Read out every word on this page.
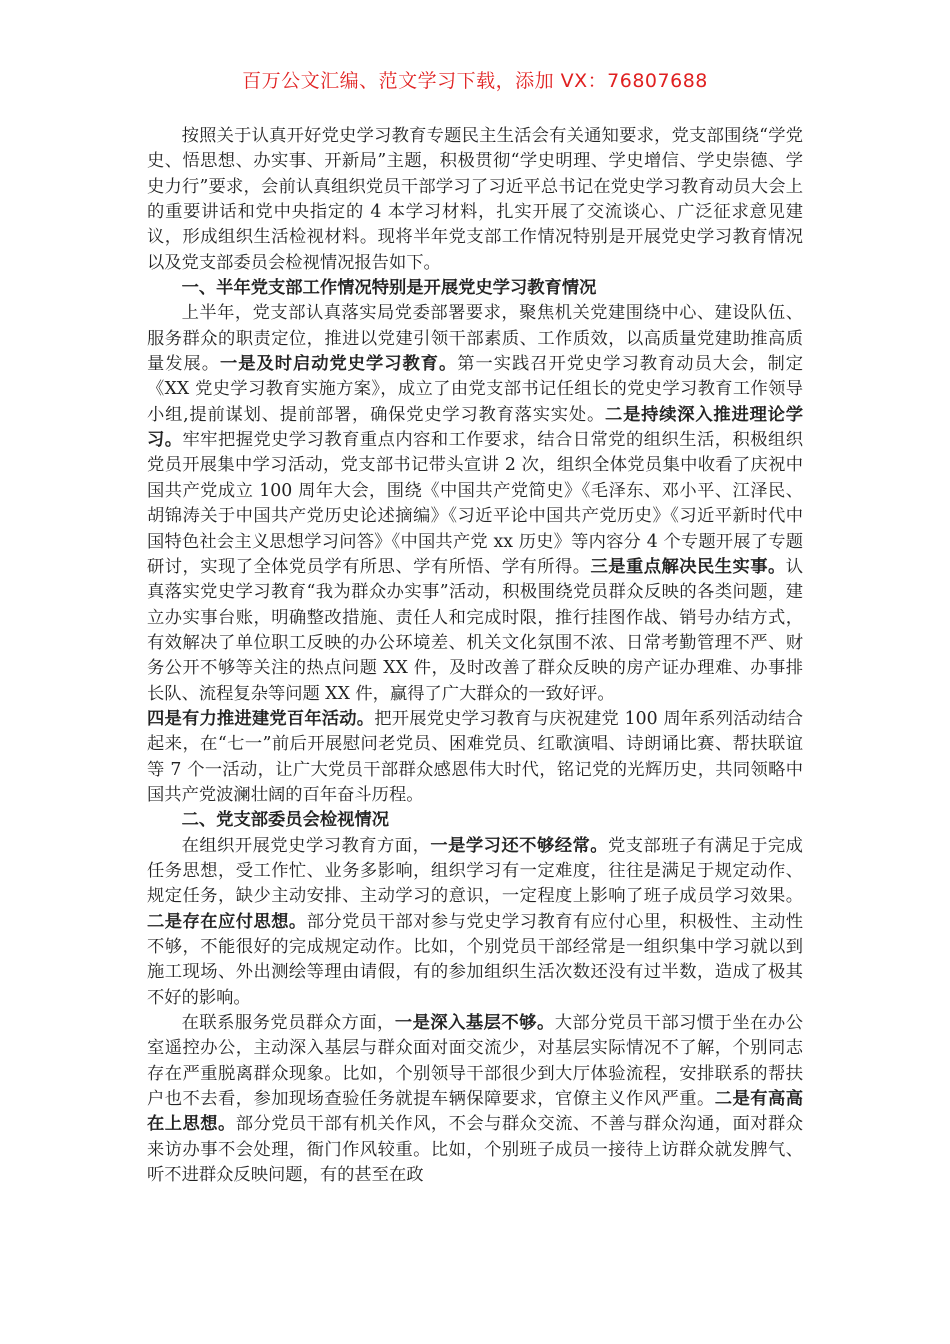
百万公文汇编、范文学习下载，添加 VX：76807688

按照关于认真开好党史学习教育专题民主生活会有关通知要求，党支部围绕“学党史、悟思想、办实事、开新局”主题，积极贯彻“学史明理、学史增信、学史崇德、学史力行”要求，会前认真组织党员干部学习了习近平总书记在党史学习教育动员大会上的重要讲话和党中央指定的 4 本学习材料，扎实开展了交流谈心、广泛征求意见建议，形成组织生活检视材料。现将半年党支部工作情况特别是开展党史学习教育情况以及党支部委员会检视情况报告如下。

一、半年党支部工作情况特别是开展党史学习教育情况

上半年，党支部认真落实局党委部署要求，聚焦机关党建围绕中心、建设队伍、服务群众的职责定位，推进以党建引领干部素质、工作质效，以高质量党建助推高质量发展。一是及时启动党史学习教育。第一实践召开党史学习教育动员大会，制定《XX 党史学习教育实施方案》，成立了由党支部书记任组长的党史学习教育工作领导小组,提前谋划、提前部署，确保党史学习教育落实实处。二是持续深入推进理论学习。牢牢把握党史学习教育重点内容和工作要求，结合日常党的组织生活，积极组织党员开展集中学习活动，党支部书记带头宣讲 2 次，组织全体党员集中收看了庆祝中国共产党成立 100 周年大会，围绕《中国共产党简史》《毛泽东、邓小平、江泽民、胡锦涛关于中国共产党历史论述摘编》《习近平论中国共产党历史》《习近平新时代中国特色社会主义思想学习问答》《中国共产党 xx 历史》等内容分 4 个专题开展了专题研讨，实现了全体党员学有所思、学有所悟、学有所得。三是重点解决民生实事。认真落实党史学习教育“我为群众办实事”活动，积极围绕党员群众反映的各类问题，建立办实事台账，明确整改措施、责任人和完成时限，推行挂图作战、销号办结方式，有效解决了单位职工反映的办公环境差、机关文化氛围不浓、日常考勤管理不严、财务公开不够等关注的热点问题 XX 件，及时改善了群众反映的房产证办理难、办事排长队、流程复杂等问题 XX 件，赢得了广大群众的一致好评。

四是有力推进建党百年活动。把开展党史学习教育与庆祝建党 100 周年系列活动结合起来，在“七一”前后开展慰问老党员、困难党员、红歌演唱、诗朗诵比赛、帮扶联谊等 7 个一活动，让广大党员干部群众感恩伟大时代，铭记党的光辉历史，共同领略中国共产党波澜壮阔的百年奋斗历程。

二、党支部委员会检视情况

在组织开展党史学习教育方面，一是学习还不够经常。党支部班子有满足于完成任务思想，受工作忙、业务多影响，组织学习有一定难度，往往是满足于规定动作、规定任务，缺少主动安排、主动学习的意识，一定程度上影响了班子成员学习效果。二是存在应付思想。部分党员干部对参与党史学习教育有应付心里，积极性、主动性不够，不能很好的完成规定动作。比如，个别党员干部经常是一组织集中学习就以到施工现场、外出测绘等理由请假，有的参加组织生活次数还没有过半数，造成了极其不好的影响。

在联系服务党员群众方面，一是深入基层不够。大部分党员干部习惯于坐在办公室遥控办公，主动深入基层与群众面对面交流少，对基层实际情况不了解，个别同志存在严重脱离群众现象。比如，个别领导干部很少到大厅体验流程，安排联系的帮扶户也不去看，参加现场查验任务就提车辆保障要求，官僚主义作风严重。二是有高高在上思想。部分党员干部有机关作风，不会与群众交流、不善与群众沟通，面对群众来访办事不会处理，衙门作风较重。比如，个别班子成员一接待上访群众就发脾气、听不进群众反映问题，有的甚至在政
